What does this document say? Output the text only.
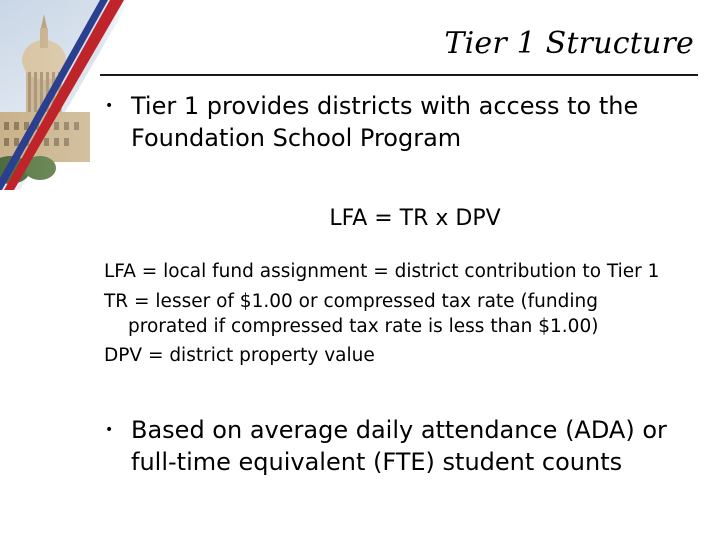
Tier 1 Structure
• Tier 1 provides districts with access to the Foundation School Program
LFA = TR x DPV
LFA = local fund assignment = district contribution to Tier 1
TR = lesser of $1.00 or compressed tax rate (funding
prorated if compressed tax rate is less than $1.00)
DPV = district property value
• Based on average daily attendance (ADA) or full-time equivalent (FTE) student counts
